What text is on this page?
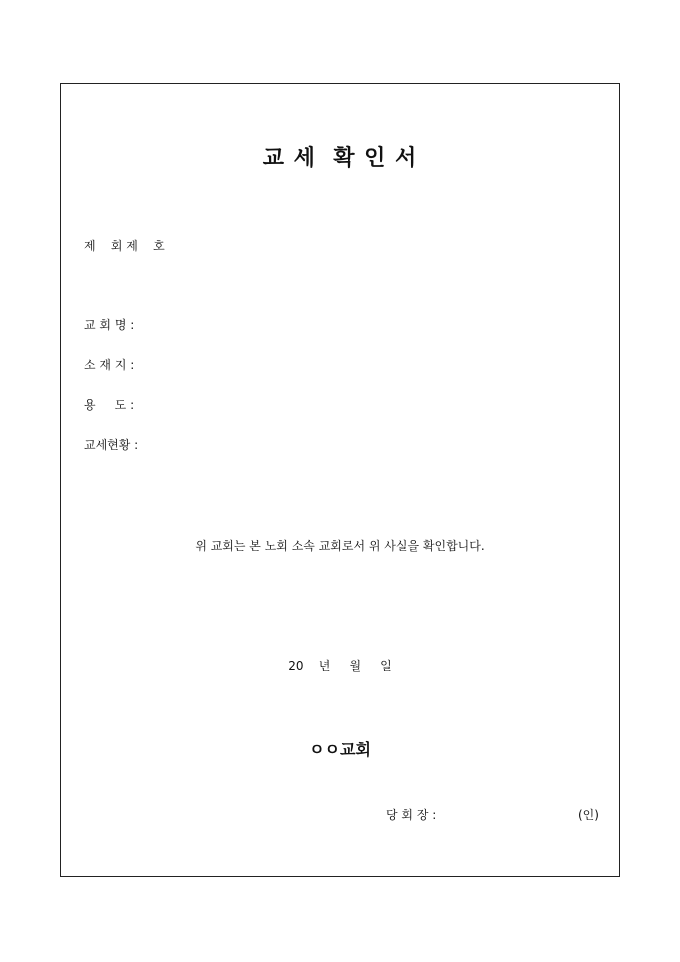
교 세  확 인 서
제    회 제    호
교 회 명 :
소 재 지 :
용     도 :
교세현황 :
위 교회는 본 노회 소속 교회로서 위 사실을 확인합니다.
20    년     월     일
ㅇㅇ교회
당 회 장 :	(인)
